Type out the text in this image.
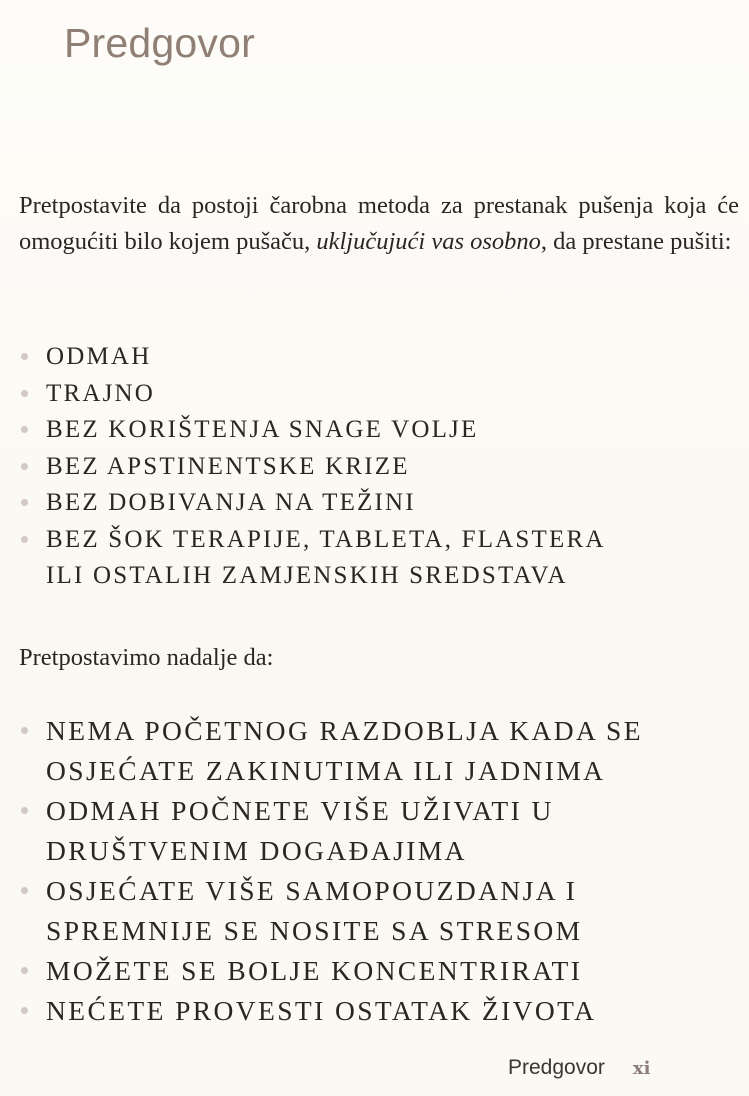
Predgovor

Pretpostavite da postoji čarobna metoda za prestanak pušenja koja će omogućiti bilo kojem pušaču, uključujući vas osobno, da prestane pušiti:

ODMAH
TRAJNO
BEZ KORIŠTENJA SNAGE VOLJE
BEZ APSTINENTSKE KRIZE
BEZ DOBIVANJA NA TEŽINI
BEZ ŠOK TERAPIJE, TABLETA, FLASTERA
ILI OSTALIH ZAMJENSKIH SREDSTAVA

Pretpostavimo nadalje da:

NEMA POČETNOG RAZDOBLJA KADA SE
OSJEĆATE ZAKINUTIMA ILI JADNIMA
ODMAH POČNETE VIŠE UŽIVATI U
DRUŠTVENIM DOGAĐAJIMA
OSJEĆATE VIŠE SAMOPOUZDANJA I
SPREMNIJE SE NOSITE SA STRESOM
MOŽETE SE BOLJE KONCENTRIRATI
NEĆETE PROVESTI OSTATAK ŽIVOTA
Predgovor xi
